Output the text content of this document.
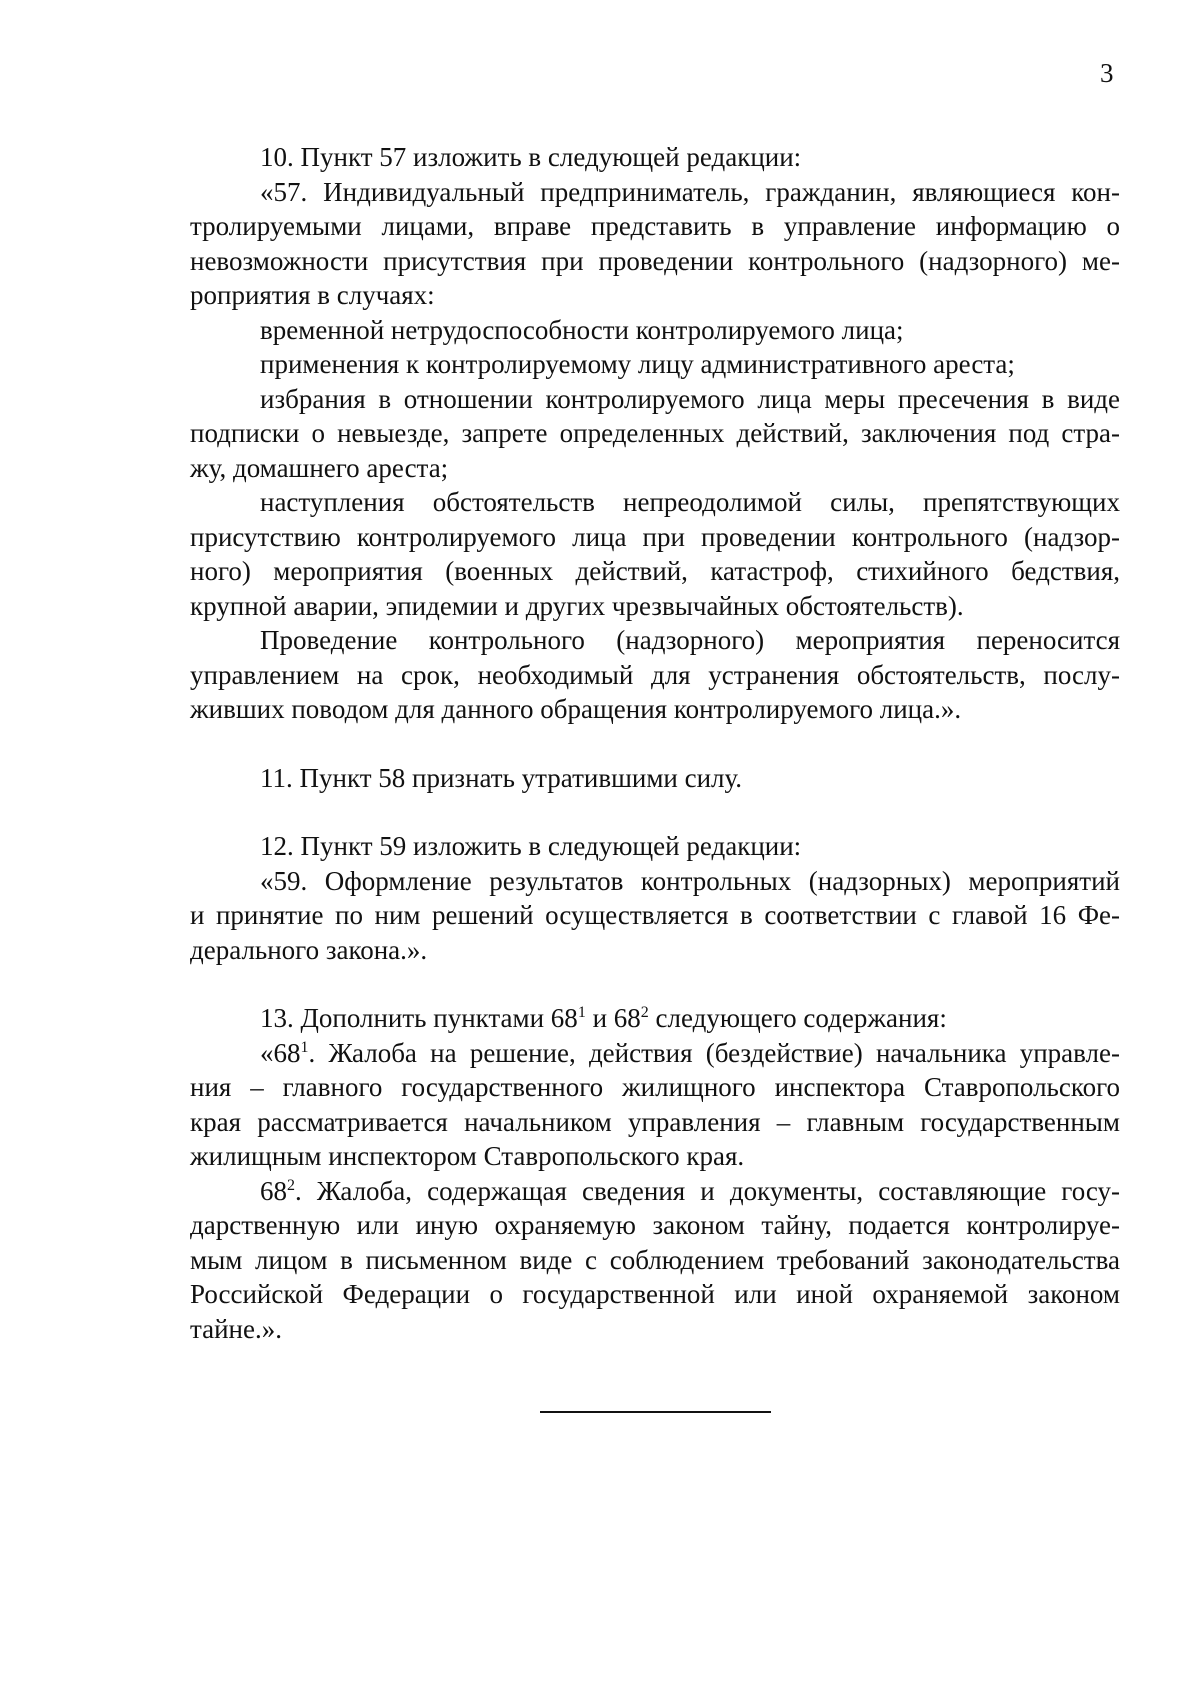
3

10. Пункт 57 изложить в следующей редакции:

«57. Индивидуальный предприниматель, гражданин, являющиеся кон-

тролируемыми лицами, вправе представить в управление информацию о

невозможности присутствия при проведении контрольного (надзорного) ме-

роприятия в случаях:

временной нетрудоспособности контролируемого лица;

применения к контролируемому лицу административного ареста;

избрания в отношении контролируемого лица меры пресечения в виде

подписки о невыезде, запрете определенных действий, заключения под стра-

жу, домашнего ареста;

наступления обстоятельств непреодолимой силы, препятствующих

присутствию контролируемого лица при проведении контрольного (надзор-

ного) мероприятия (военных действий, катастроф, стихийного бедствия,

крупной аварии, эпидемии и других чрезвычайных обстоятельств).

Проведение контрольного (надзорного) мероприятия переносится

управлением на срок, необходимый для устранения обстоятельств, послу-

живших поводом для данного обращения контролируемого лица.».

11. Пункт 58 признать утратившими силу.

12. Пункт 59 изложить в следующей редакции:

«59. Оформление результатов контрольных (надзорных) мероприятий

и принятие по ним решений осуществляется в соответствии с главой 16 Фе-

дерального закона.».

13. Дополнить пунктами $68^1$ и $68^2$ следующего содержания:

«$68^1$. Жалоба на решение, действия (бездействие) начальника управле-

ния – главного государственного жилищного инспектора Ставропольского

края рассматривается начальником управления – главным государственным

жилищным инспектором Ставропольского края.

$68^2$. Жалоба, содержащая сведения и документы, составляющие госу-

дарственную или иную охраняемую законом тайну, подается контролируе-

мым лицом в письменном виде с соблюдением требований законодательства

Российской Федерации о государственной или иной охраняемой законом

тайне.».
